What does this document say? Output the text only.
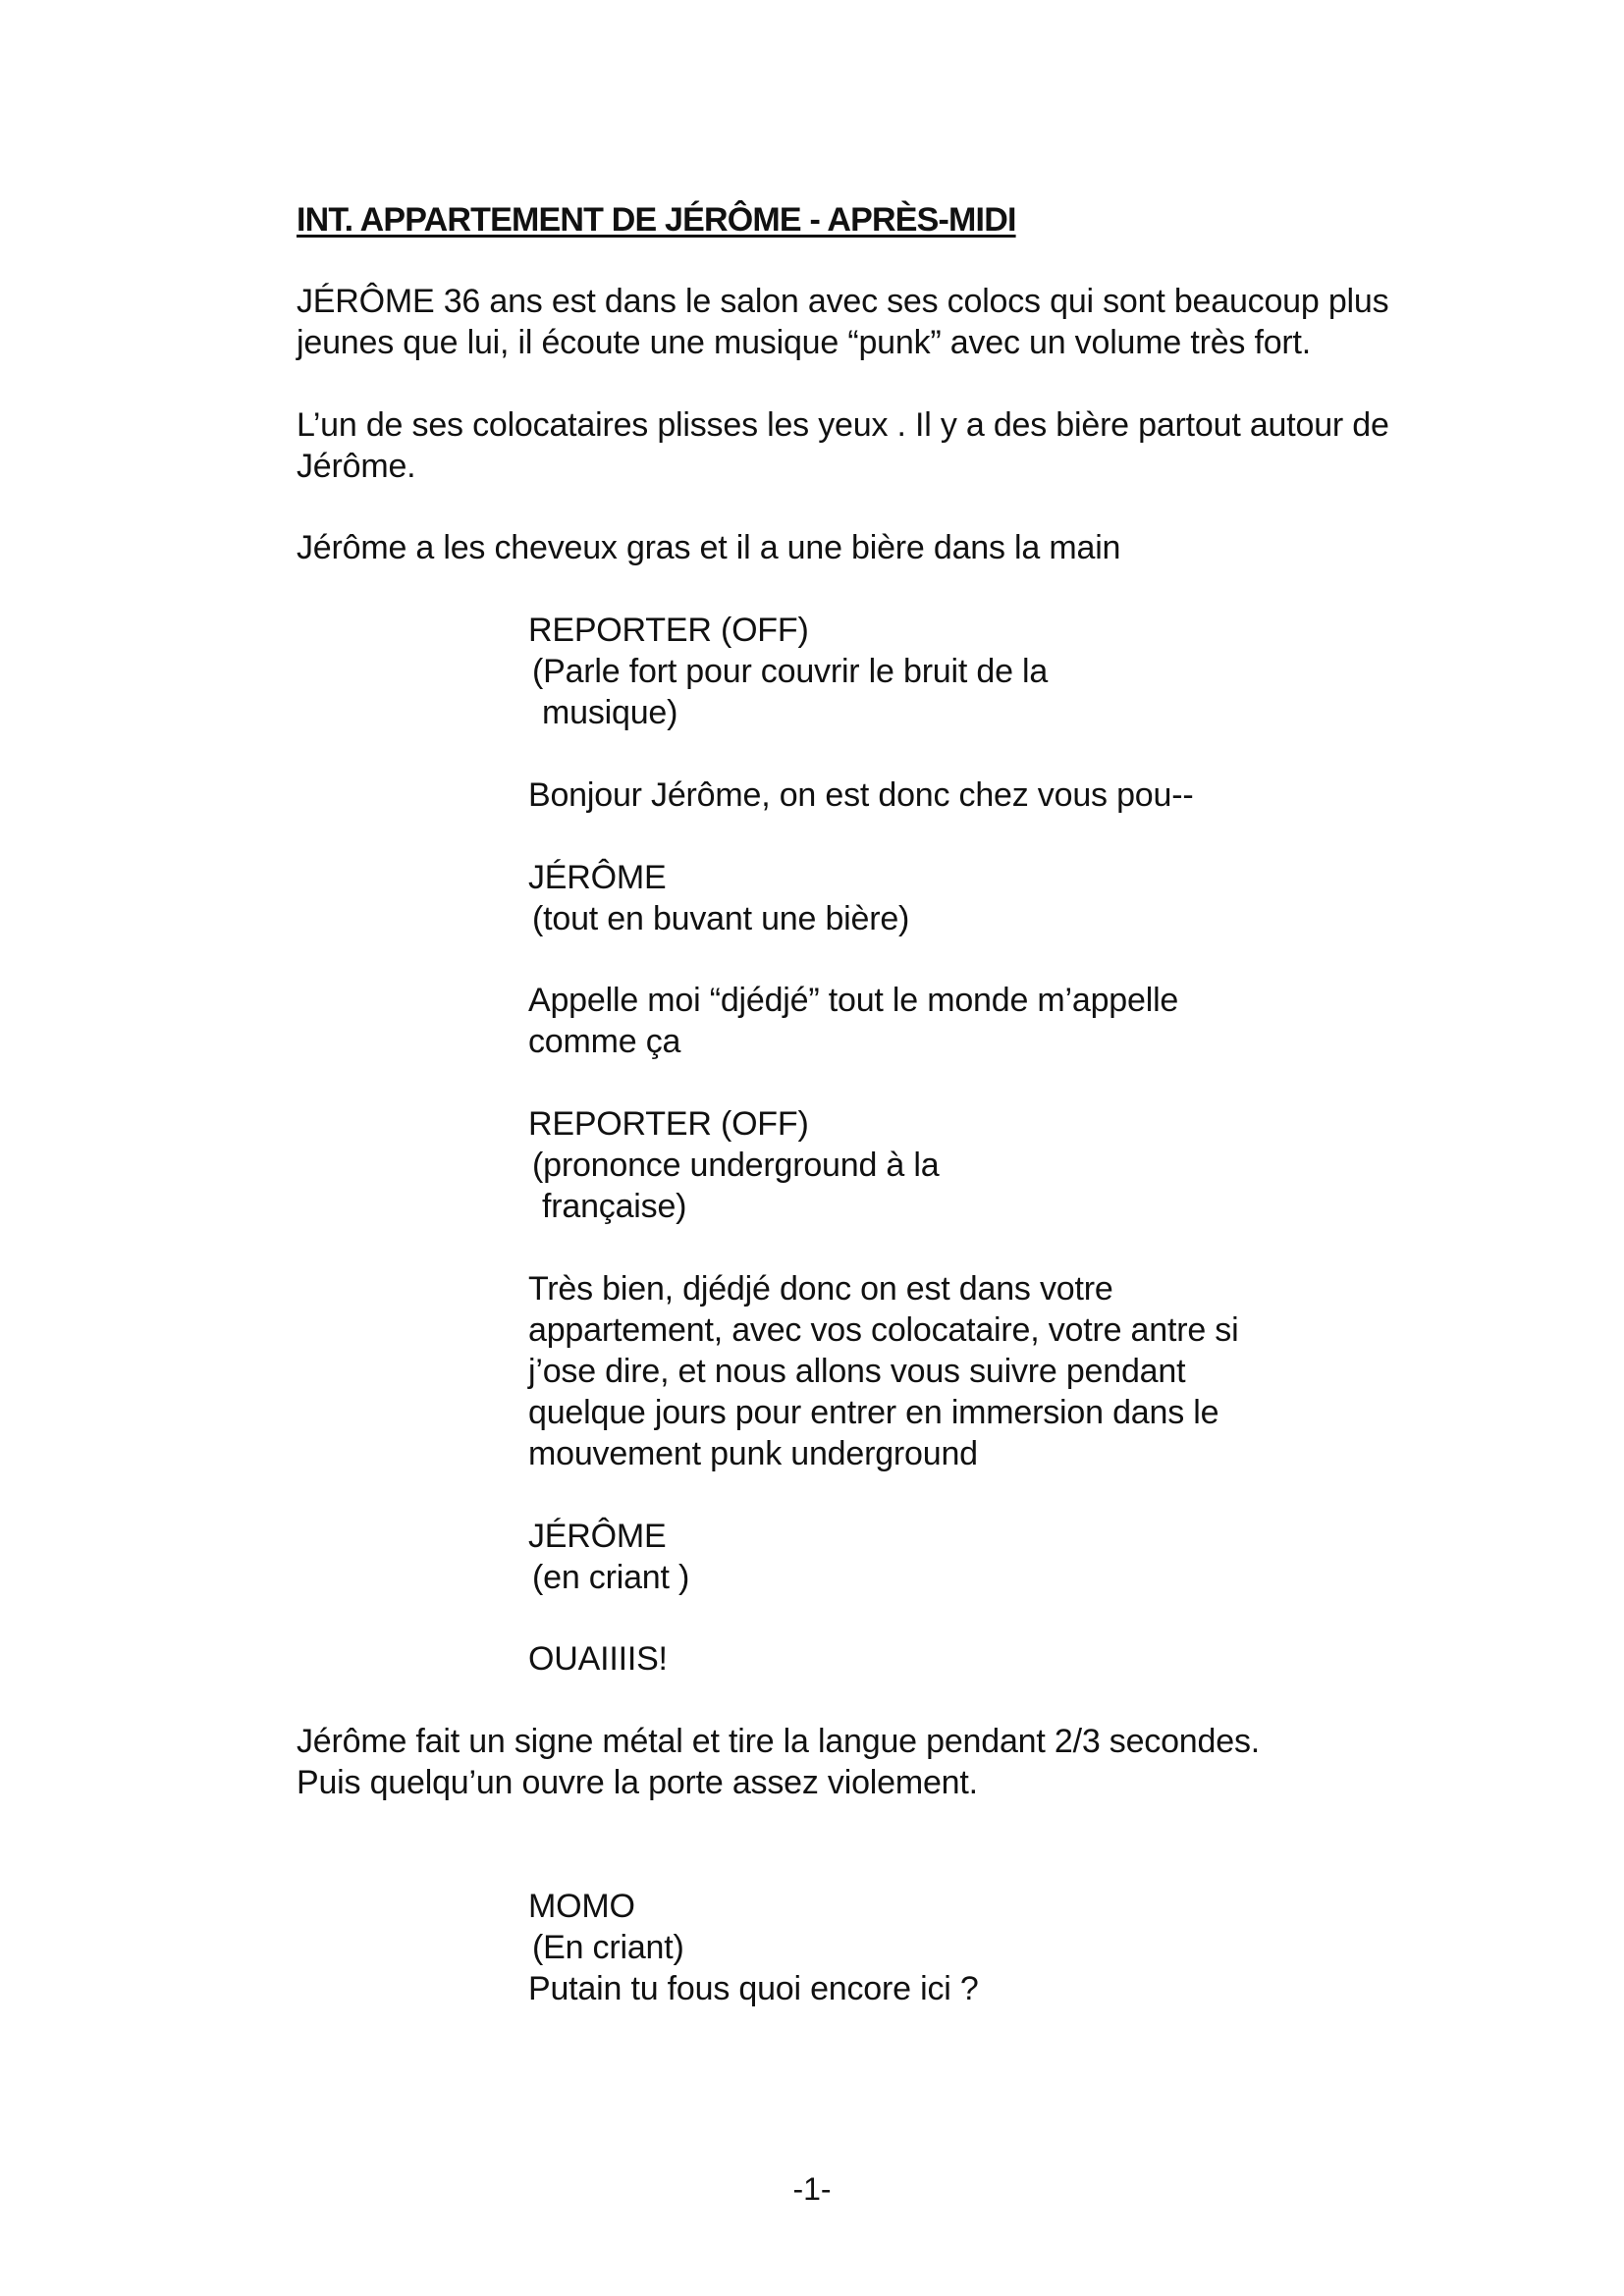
INT. APPARTEMENT DE JÉRÔME - APRÈS-MIDI
JÉRÔME 36 ans est dans le salon avec ses colocs qui sont beaucoup plus
jeunes que lui, il écoute une musique “punk” avec un volume très fort.
L’un de ses colocataires plisses les yeux . Il y a des bière partout autour de
Jérôme.
Jérôme a les cheveux gras et il a une bière dans la main
REPORTER (OFF)
(Parle fort pour couvrir le bruit de la
musique)
Bonjour Jérôme, on est donc chez vous pou--
JÉRÔME
(tout en buvant une bière)
Appelle moi “djédjé” tout le monde m’appelle
comme ça
REPORTER (OFF)
(prononce underground à la
française)
Très bien, djédjé donc on est dans votre
appartement, avec vos colocataire, votre antre si
j’ose dire, et nous allons vous suivre pendant
quelque jours pour entrer en immersion dans le
mouvement punk underground
JÉRÔME
(en criant )
OUAIIIIS!
Jérôme fait un signe métal et tire la langue pendant 2/3 secondes.
Puis quelqu’un ouvre la porte assez violement.
MOMO
(En criant)
Putain tu fous quoi encore ici ?
-1-
